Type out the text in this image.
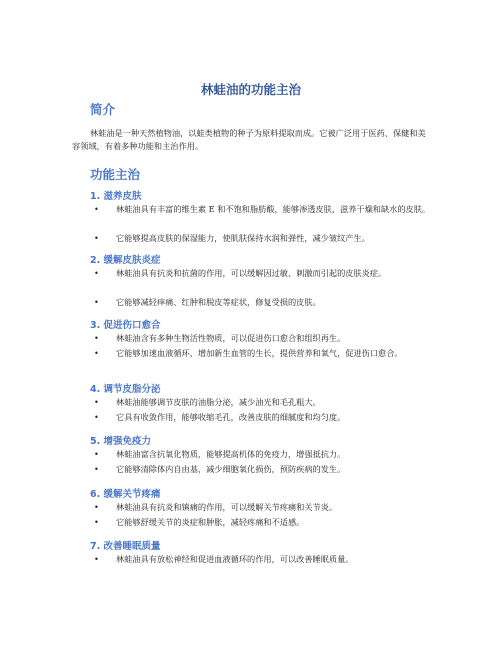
林蛙油的功能主治
简介

林蛙油是一种天然植物油，以蛙类植物的种子为原料提取而成。它被广泛用于医药、保健和美容领域，有着多种功能和主治作用。

功能主治
1. 滋养皮肤
•	林蛙油具有丰富的维生素 E 和不饱和脂肪酸，能够渗透皮肤，滋养干燥和缺水的皮肤。
•	它能够提高皮肤的保湿能力，使肌肤保持水润和弹性，减少皱纹产生。
2. 缓解皮肤炎症
•	林蛙油具有抗炎和抗菌的作用，可以缓解因过敏、刺激而引起的皮肤炎症。
•	它能够减轻痒痛、红肿和脱皮等症状，修复受损的皮肤。
3. 促进伤口愈合
•	林蛙油含有多种生物活性物质，可以促进伤口愈合和组织再生。
•	它能够加速血液循环，增加新生血管的生长，提供营养和氧气，促进伤口愈合。
4. 调节皮脂分泌
•	林蛙油能够调节皮肤的油脂分泌，减少油光和毛孔粗大。
•	它具有收敛作用，能够收缩毛孔，改善皮肤的细腻度和均匀度。
5. 增强免疫力
•	林蛙油富含抗氧化物质，能够提高机体的免疫力，增强抵抗力。
•	它能够清除体内自由基，减少细胞氧化损伤，预防疾病的发生。
6. 缓解关节疼痛
•	林蛙油具有抗炎和镇痛的作用，可以缓解关节疼痛和关节炎。
•	它能够舒缓关节的炎症和肿胀，减轻疼痛和不适感。
7. 改善睡眠质量
•	林蛙油具有放松神经和促进血液循环的作用，可以改善睡眠质量。
